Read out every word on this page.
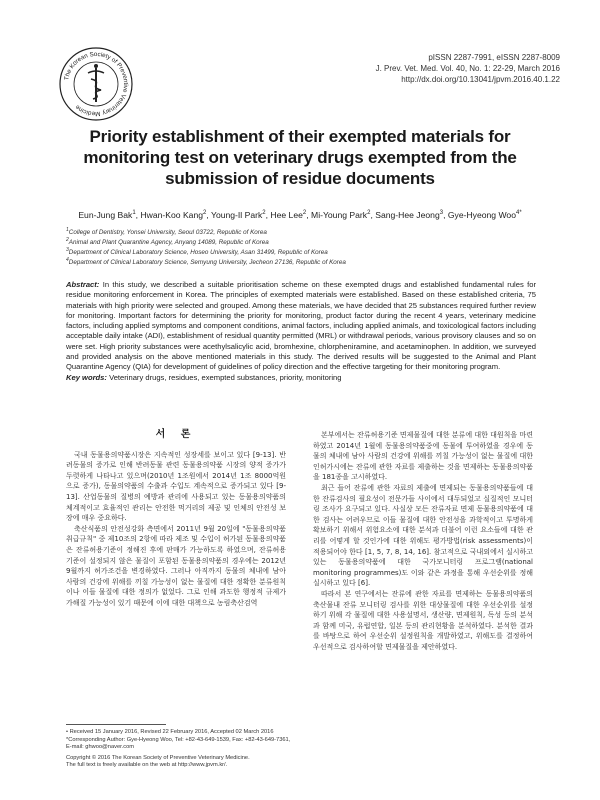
The Korean Society of Preventive Veterinary Medicine
pISSN 2287-7991, eISSN 2287-8009
J. Prev. Vet. Med. Vol. 40, No. 1: 22-29, March 2016
http://dx.doi.org/10.13041/jpvm.2016.40.1.22
Priority establishment of their exempted materials for monitoring test on veterinary drugs exempted from the submission of residue documents
Eun-Jung Bak$^1$, Hwan-Koo Kang$^2$, Young-Il Park$^2$, Hee Lee$^2$, Mi-Young Park$^2$, Sang-Hee Jeong$^3$, Gye-Hyeong Woo$^{4*}$
$^1$College of Dentistry, Yonsei University, Seoul 03722, Republic of Korea
$^2$Animal and Plant Quarantine Agency, Anyang 14089, Republic of Korea
$^3$Department of Clinical Laboratory Science, Hoseo University, Asan 31499, Republic of Korea
$^4$Department of Clinical Laboratory Science, Semyung University, Jecheon 27136, Republic of Korea
Abstract: In this study, we described a suitable prioritisation scheme on these exempted drugs and established fundamental rules for residue monitoring enforcement in Korea. The principles of exempted materials were established. Based on these established criteria, 75 materials with high priority were selected and grouped. Among these materials, we have decided that 25 substances required further review for monitoring. Important factors for determining the priority for monitoring, product factor during the recent 4 years, veterinary medicine factors, including applied symptoms and component conditions, animal factors, including applied animals, and toxicological factors including acceptable daily intake (ADI), establishment of residual quantity permitted (MRL) or withdrawal periods, various provisory clauses and so on were set. High priority substances were acethylsalicylic acid, bromhexine, chlorpheniramine, and acetaminophen. In addition, we surveyed and provided analysis on the above mentioned materials in this study. The derived results will be suggested to the Animal and Plant Quarantine Agency (QIA) for development of guidelines of policy direction and the effective targeting for their monitoring program.
Key words: Veterinary drugs, residues, exempted substances, priority, monitoring
서 론

국내 동물용의약품시장은 지속적인 성장세를 보이고 있다 [9-13]. 반려동물의 증가로 인해 반려동물 관련 동물용의약품 시장의 양적 증가가 두렷하게 나타나고 있으며(2010년 1조원에서 2014년 1조 8000억원으로 증가), 동물의약품의 수출과 수입도 계속적으로 증가되고 있다 [9-13]. 산업동물의 질병의 예방과 관리에 사용되고 있는 동물용의약품의 체계적이고 효율적인 관리는 안전한 먹거리의 제공 및 인체의 안전성 보장에 매우 중요하다.

축산식품의 안전성강화 측면에서 2011년 9월 20일에 "동물용의약품취급규칙" 중 제10조의 2항에 따라 제조 및 수입이 허가된 동물용의약품은 잔류허용기준이 정해진 후에 판매가 가능하도록 하였으며, 잔류허용기준이 설정되지 않은 물질이 포함된 동물용의약품의 경우에는 2012년 9월까지 허가조건을 변경하였다. 그러나 아직까지 동물의 체내에 남아 사람의 건강에 위해를 끼칠 가능성이 없는 물질에 대한 정확한 분류원칙이나 이들 물질에 대한 정의가 없었다. 그로 인해 과도한 행정적 규제가 가해질 가능성이 있기 때문에 이에 대한 대책으로 농림축산검역

본부에서는 잔류허용기준 면제물질에 대한 분류에 대한 대원칙을 마련하였고 2014년 1월에 동물용의약품중에 동물에 투여하였을 경우에 동물의 체내에 남아 사람의 건강에 위해를 끼칠 가능성이 없는 물질에 대한 인허가시에는 잔류에 관한 자료를 제출하는 것을 면제하는 동물용의약품을 181종을 고시하였다.

최근 들어 잔류에 관한 자료의 제출에 면제되는 동물용의약품들에 대한 잔류검사의 필요성이 전문가들 사이에서 대두되었고 실질적인 모니터링 조사가 요구되고 있다. 사실상 모든 잔류자료 면제 동물용의약품에 대한 검사는 어려우므로 이들 물질에 대한 안전성을 과학적이고 투명하게 확보하기 위해서 위험요소에 대한 분석과 더불어 이런 요소들에 대한 관리를 어떻게 할 것인가에 대한 위해도 평가방법(risk assessments)이 적용되어야 한다 [1, 5, 7, 8, 14, 16]. 참고적으로 국내외에서 실시하고 있는 동물용의약품에 대한 국가모니터링 프로그램(national monitoring programmes)도 이와 같은 과정을 통해 우선순위를 정해 실시하고 있다 [6].

따라서 본 연구에서는 잔류에 관한 자료를 면제하는 동물용의약품의 축산물내 잔류 모니터링 검사를 위한 대상물질에 대한 우선순위를 설정하기 위해 각 물질에 대한 사용설명서, 생산량, 면제원칙, 독성 등의 분석과 함께 미국, 유럽연합, 일본 등의 관리현황을 분석하였다. 분석한 결과를 바탕으로 하여 우선순위 설정원칙을 개발하였고, 위해도를 결정하여 우선적으로 검사하여할 면제물질을 제안하였다.

• Received 15 January 2016, Revised 22 February 2016, Accepted 02 March 2016
*Corresponding Author: Gye-Hyeong Woo, Tel: +82-43-649-1539, Fax: +82-43-649-7361,
E-mail: ghwoo@naver.com
Copyright © 2016 The Korean Society of Preventive Veterinary Medicine.
The full text is freely available on the web at http://www.jpvm.kr/.
